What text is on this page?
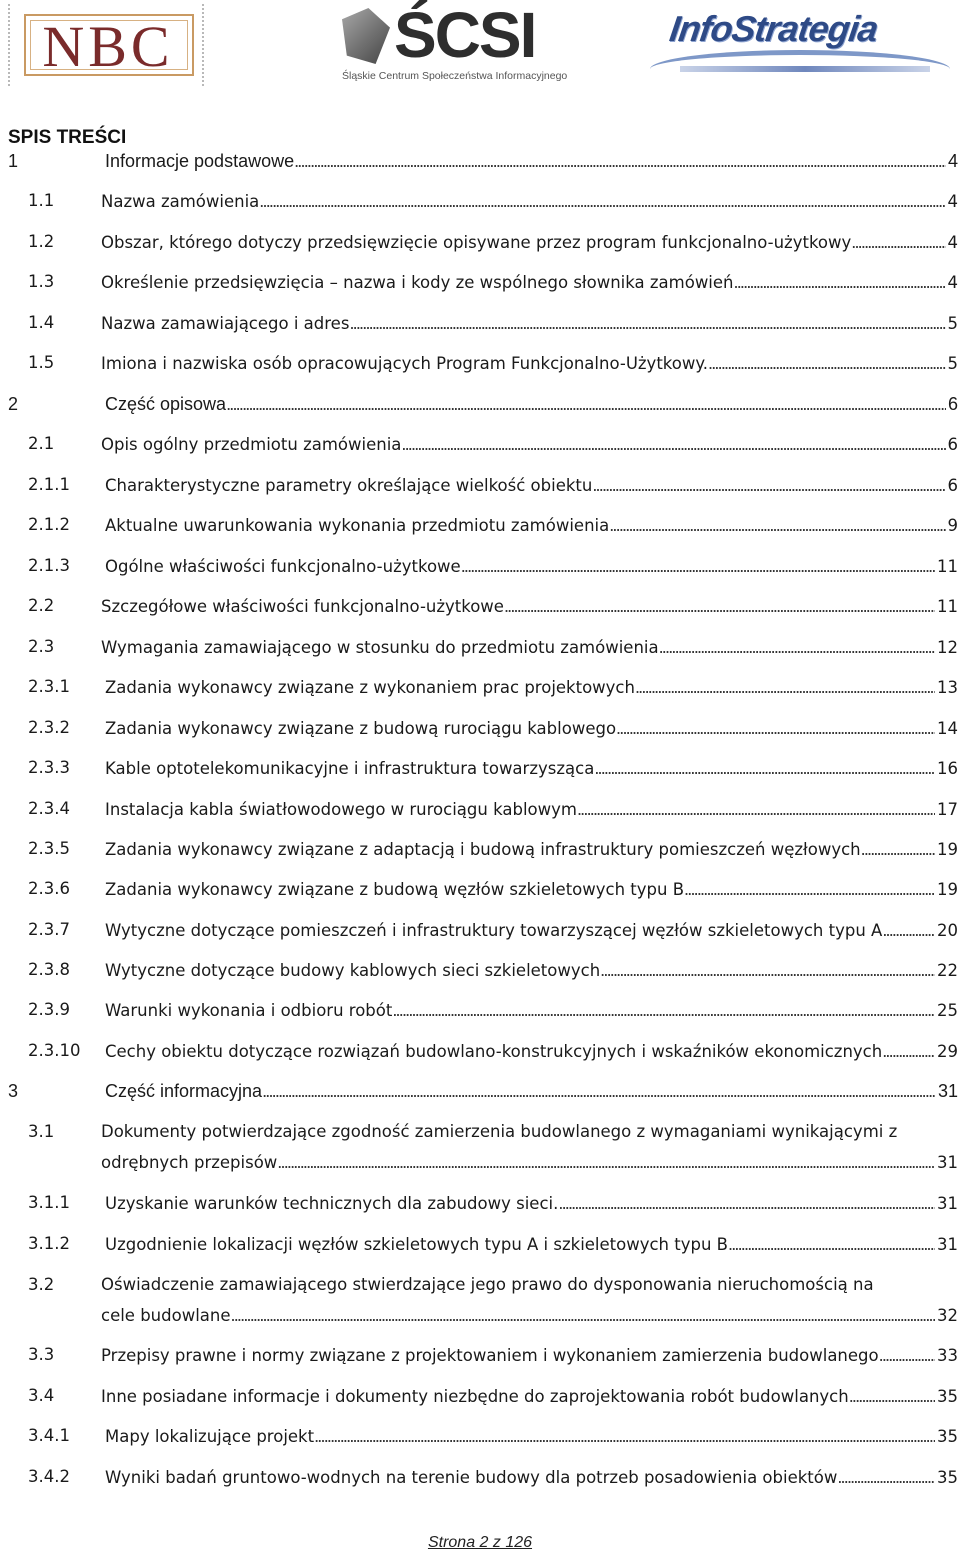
NBC	ŚCSI
Śląskie Centrum Społeczeństwa Informacyjnego
InfoStrategia
SPIS TREŚCI
1	Informacje podstawowe . . .	4
1.1	Nazwa zamówienia . . .	4
1.2	Obszar, którego dotyczy przedsięwzięcie opisywane przez program funkcjonalno-użytkowy . . .	4
1.3	Określenie przedsięwzięcia – nazwa i kody ze wspólnego słownika zamówień . . .	4
1.4	Nazwa zamawiającego i adres . . .	5
1.5	Imiona i nazwiska osób opracowujących Program Funkcjonalno-Użytkowy. . . .	5
2	Część opisowa . . .	6
2.1	Opis ogólny przedmiotu zamówienia . . .	6
2.1.1 Charakterystyczne parametry określające wielkość obiektu . . .	6
2.1.2 Aktualne uwarunkowania wykonania przedmiotu zamówienia . . .	9
2.1.3 Ogólne właściwości funkcjonalno-użytkowe . . .	11
2.2	Szczegółowe właściwości funkcjonalno-użytkowe . . .	11
2.3	Wymagania zamawiającego w stosunku do przedmiotu zamówienia . . .	12
2.3.1 Zadania wykonawcy związane z wykonaniem prac projektowych . . .	13
2.3.2 Zadania wykonawcy związane z budową rurociągu kablowego . . .	14
2.3.3 Kable optotelekomunikacyjne i infrastruktura towarzysząca . . .	16
2.3.4 Instalacja kabla światłowodowego w rurociągu kablowym . . .	17
2.3.5 Zadania wykonawcy związane z adaptacją i budową infrastruktury pomieszczeń węzłowych . . .	19
2.3.6 Zadania wykonawcy związane z budową węzłów szkieletowych typu B . . .	19
2.3.7 Wytyczne dotyczące pomieszczeń i infrastruktury towarzyszącej węzłów szkieletowych typu A . . .	20
2.3.8 Wytyczne dotyczące budowy kablowych sieci szkieletowych . . .	22
2.3.9 Warunki wykonania i odbioru robót . . .	25
2.3.10 Cechy obiektu dotyczące rozwiązań budowlano-konstrukcyjnych i wskaźników ekonomicznych . . .	29
3	Część informacyjna . . .	31
3.1	Dokumenty potwierdzające zgodność zamierzenia budowlanego z wymaganiami wynikającymi z
odrębnych przepisów . . .	31
3.1.1 Uzyskanie warunków technicznych dla zabudowy sieci. . . .	31
3.1.2 Uzgodnienie lokalizacji węzłów szkieletowych typu A i szkieletowych typu B . . .	31
3.2	Oświadczenie zamawiającego stwierdzające jego prawo do dysponowania nieruchomością na
cele budowlane . . .	32
3.3	Przepisy prawne i normy związane z projektowaniem i wykonaniem zamierzenia budowlanego . . .	33
3.4	Inne posiadane informacje i dokumenty niezbędne do zaprojektowania robót budowlanych . . .	35
3.4.1 Mapy lokalizujące projekt . . .	35
3.4.2 Wyniki badań gruntowo-wodnych na terenie budowy dla potrzeb posadowienia obiektów . . .	35
Strona 2 z 126
